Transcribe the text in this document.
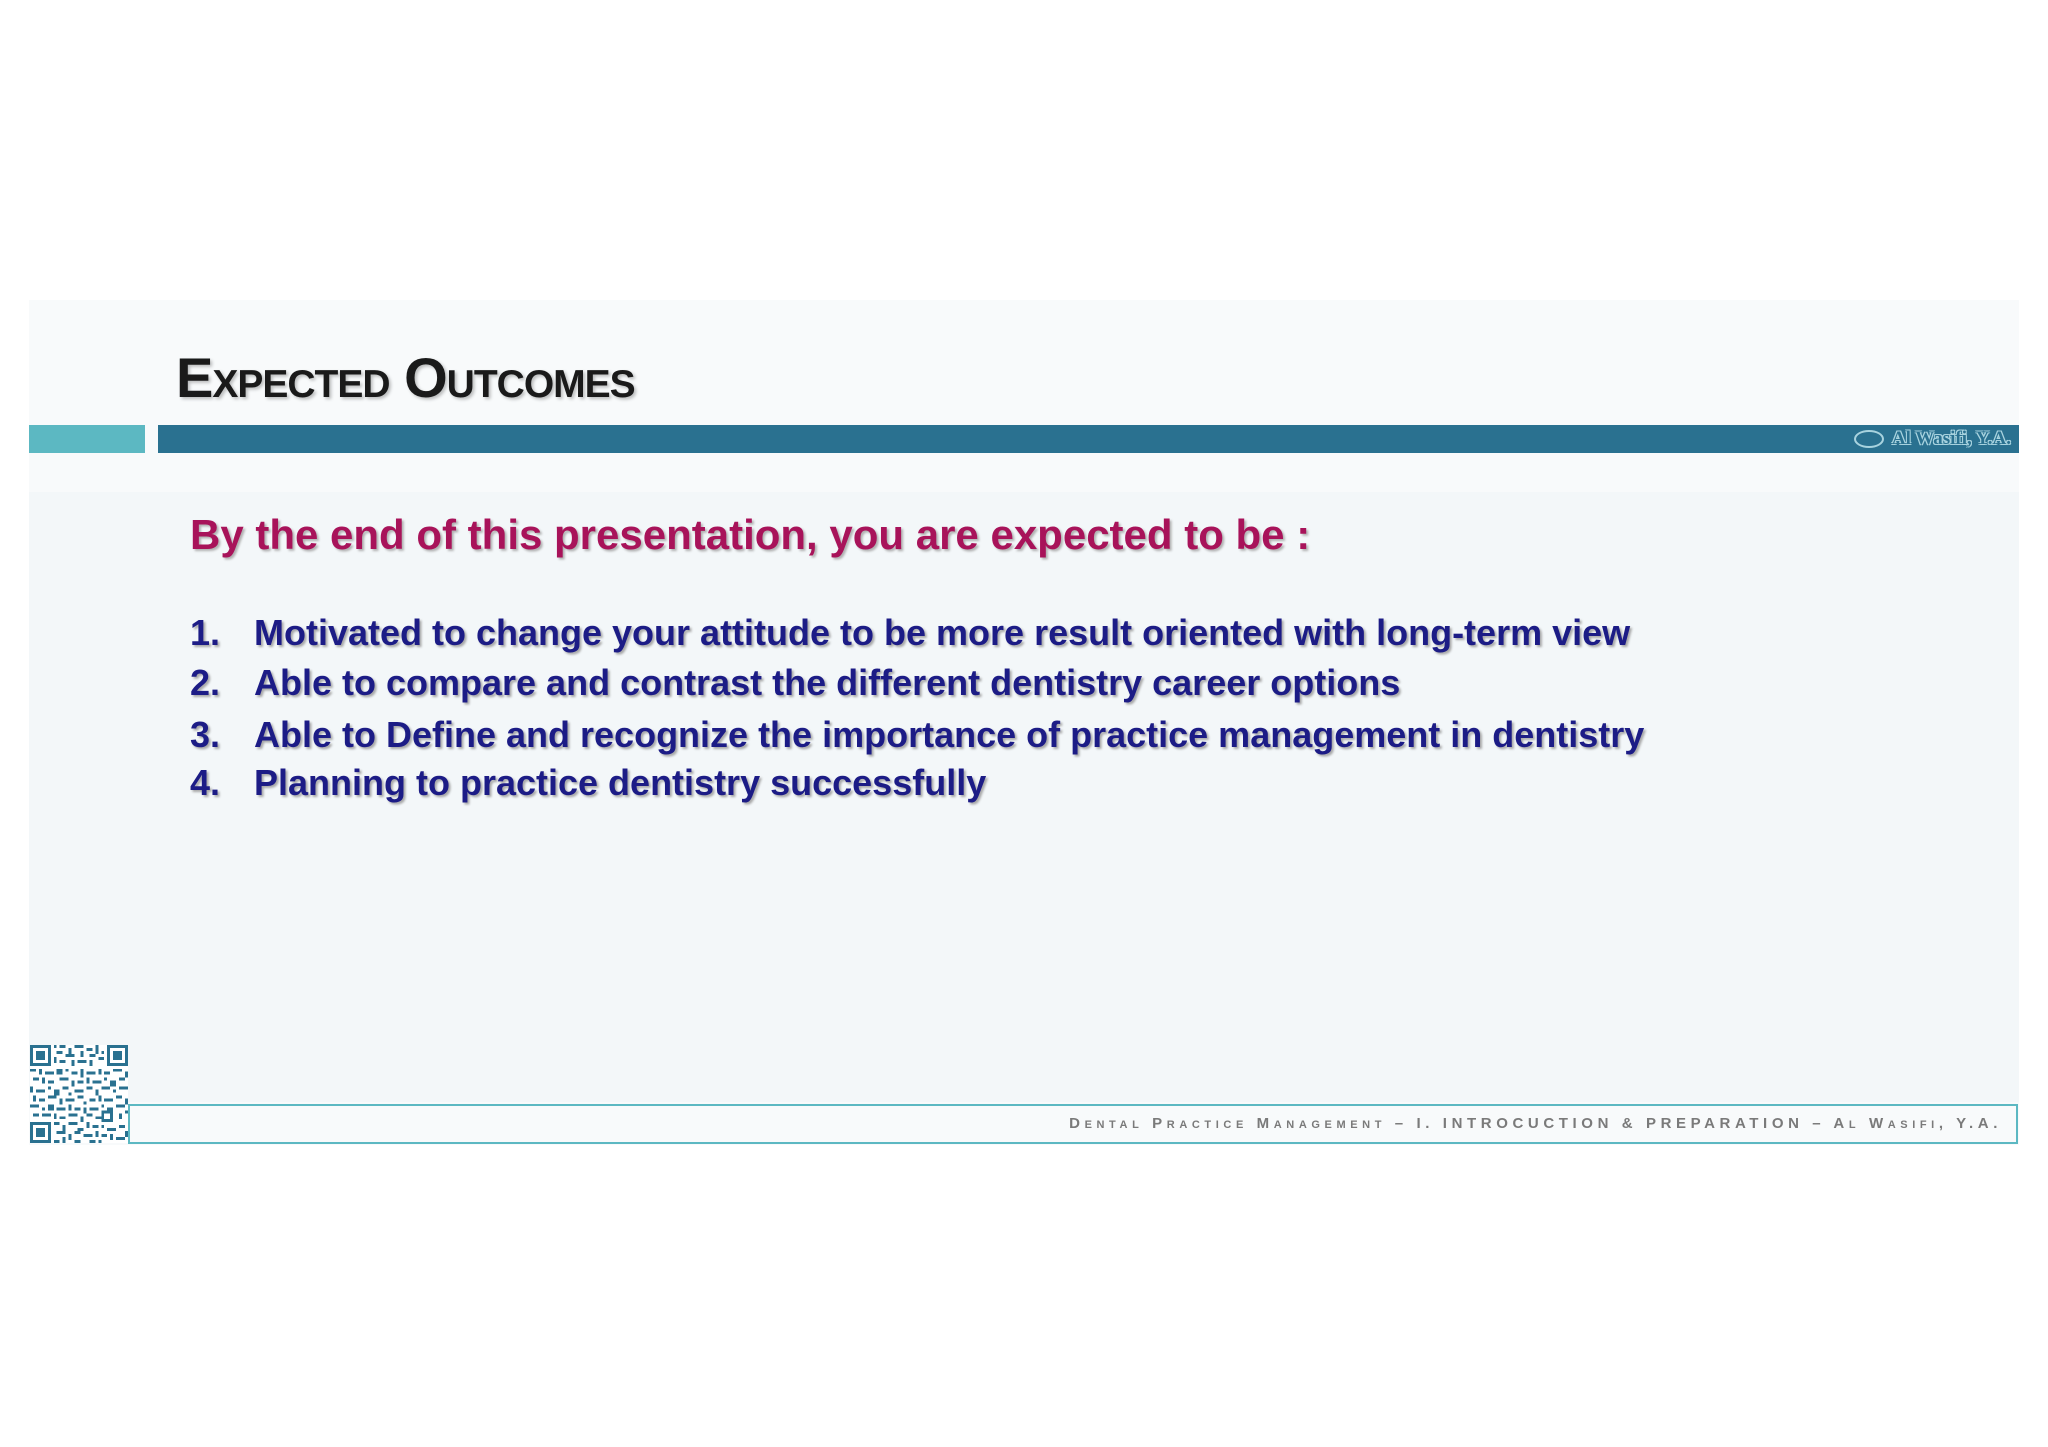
Expected Outcomes
Al Wasifi, Y.A.

By the end of this presentation, you are expected to be :

1. Motivated to change your attitude to be more result oriented with long-term view
2. Able to compare and contrast the different dentistry career options
3. Able to Define and recognize the importance of practice management in dentistry
4. Planning to practice dentistry successfully
Dental Practice Management – I. INTROCUCTION & PREPARATION – Al Wasifi, Y.A.
